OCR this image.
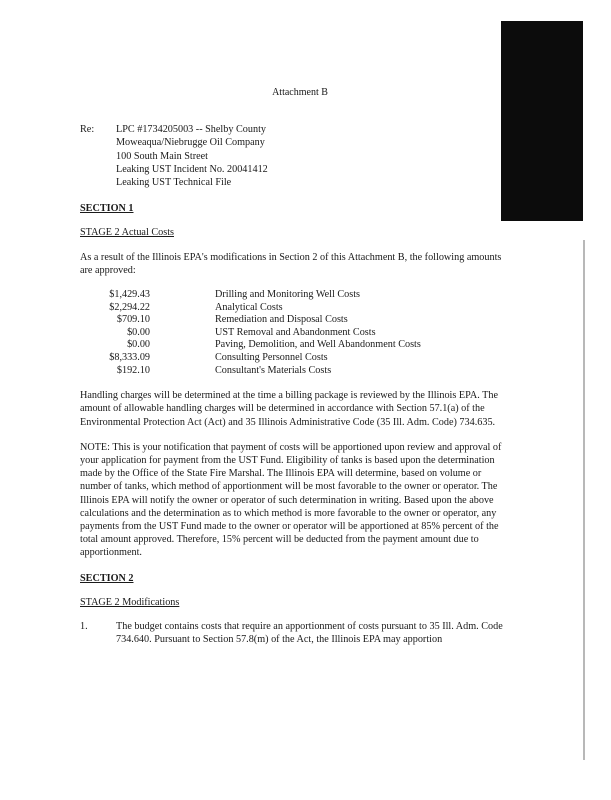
Attachment B
Re:	LPC #1734205003 -- Shelby County
Moweaqua/Niebrugge Oil Company
100 South Main Street
Leaking UST Incident No. 20041412
Leaking UST Technical File
SECTION 1
STAGE 2 Actual Costs

As a result of the Illinois EPA's modifications in Section 2 of this Attachment B, the following amounts are approved:

$1,429.43		Drilling and Monitoring Well Costs
$2,294.22		Analytical Costs
$709.10		Remediation and Disposal Costs
$0.00		UST Removal and Abandonment Costs
$0.00		Paving, Demolition, and Well Abandonment Costs
$8,333.09		Consulting Personnel Costs
$192.10		Consultant's Materials Costs

Handling charges will be determined at the time a billing package is reviewed by the Illinois EPA. The amount of allowable handling charges will be determined in accordance with Section 57.1(a) of the Environmental Protection Act (Act) and 35 Illinois Administrative Code (35 Ill. Adm. Code) 734.635.

NOTE: This is your notification that payment of costs will be apportioned upon review and approval of your application for payment from the UST Fund. Eligibility of tanks is based upon the determination made by the Office of the State Fire Marshal. The Illinois EPA will determine, based on volume or number of tanks, which method of apportionment will be most favorable to the owner or operator. The Illinois EPA will notify the owner or operator of such determination in writing. Based upon the above calculations and the determination as to which method is more favorable to the owner or operator, any payments from the UST Fund made to the owner or operator will be apportioned at 85% percent of the total amount approved. Therefore, 15% percent will be deducted from the payment amount due to apportionment.

SECTION 2
STAGE 2 Modifications
1.	The budget contains costs that require an apportionment of costs pursuant to 35 Ill. Adm. Code 734.640. Pursuant to Section 57.8(m) of the Act, the Illinois EPA may apportion
